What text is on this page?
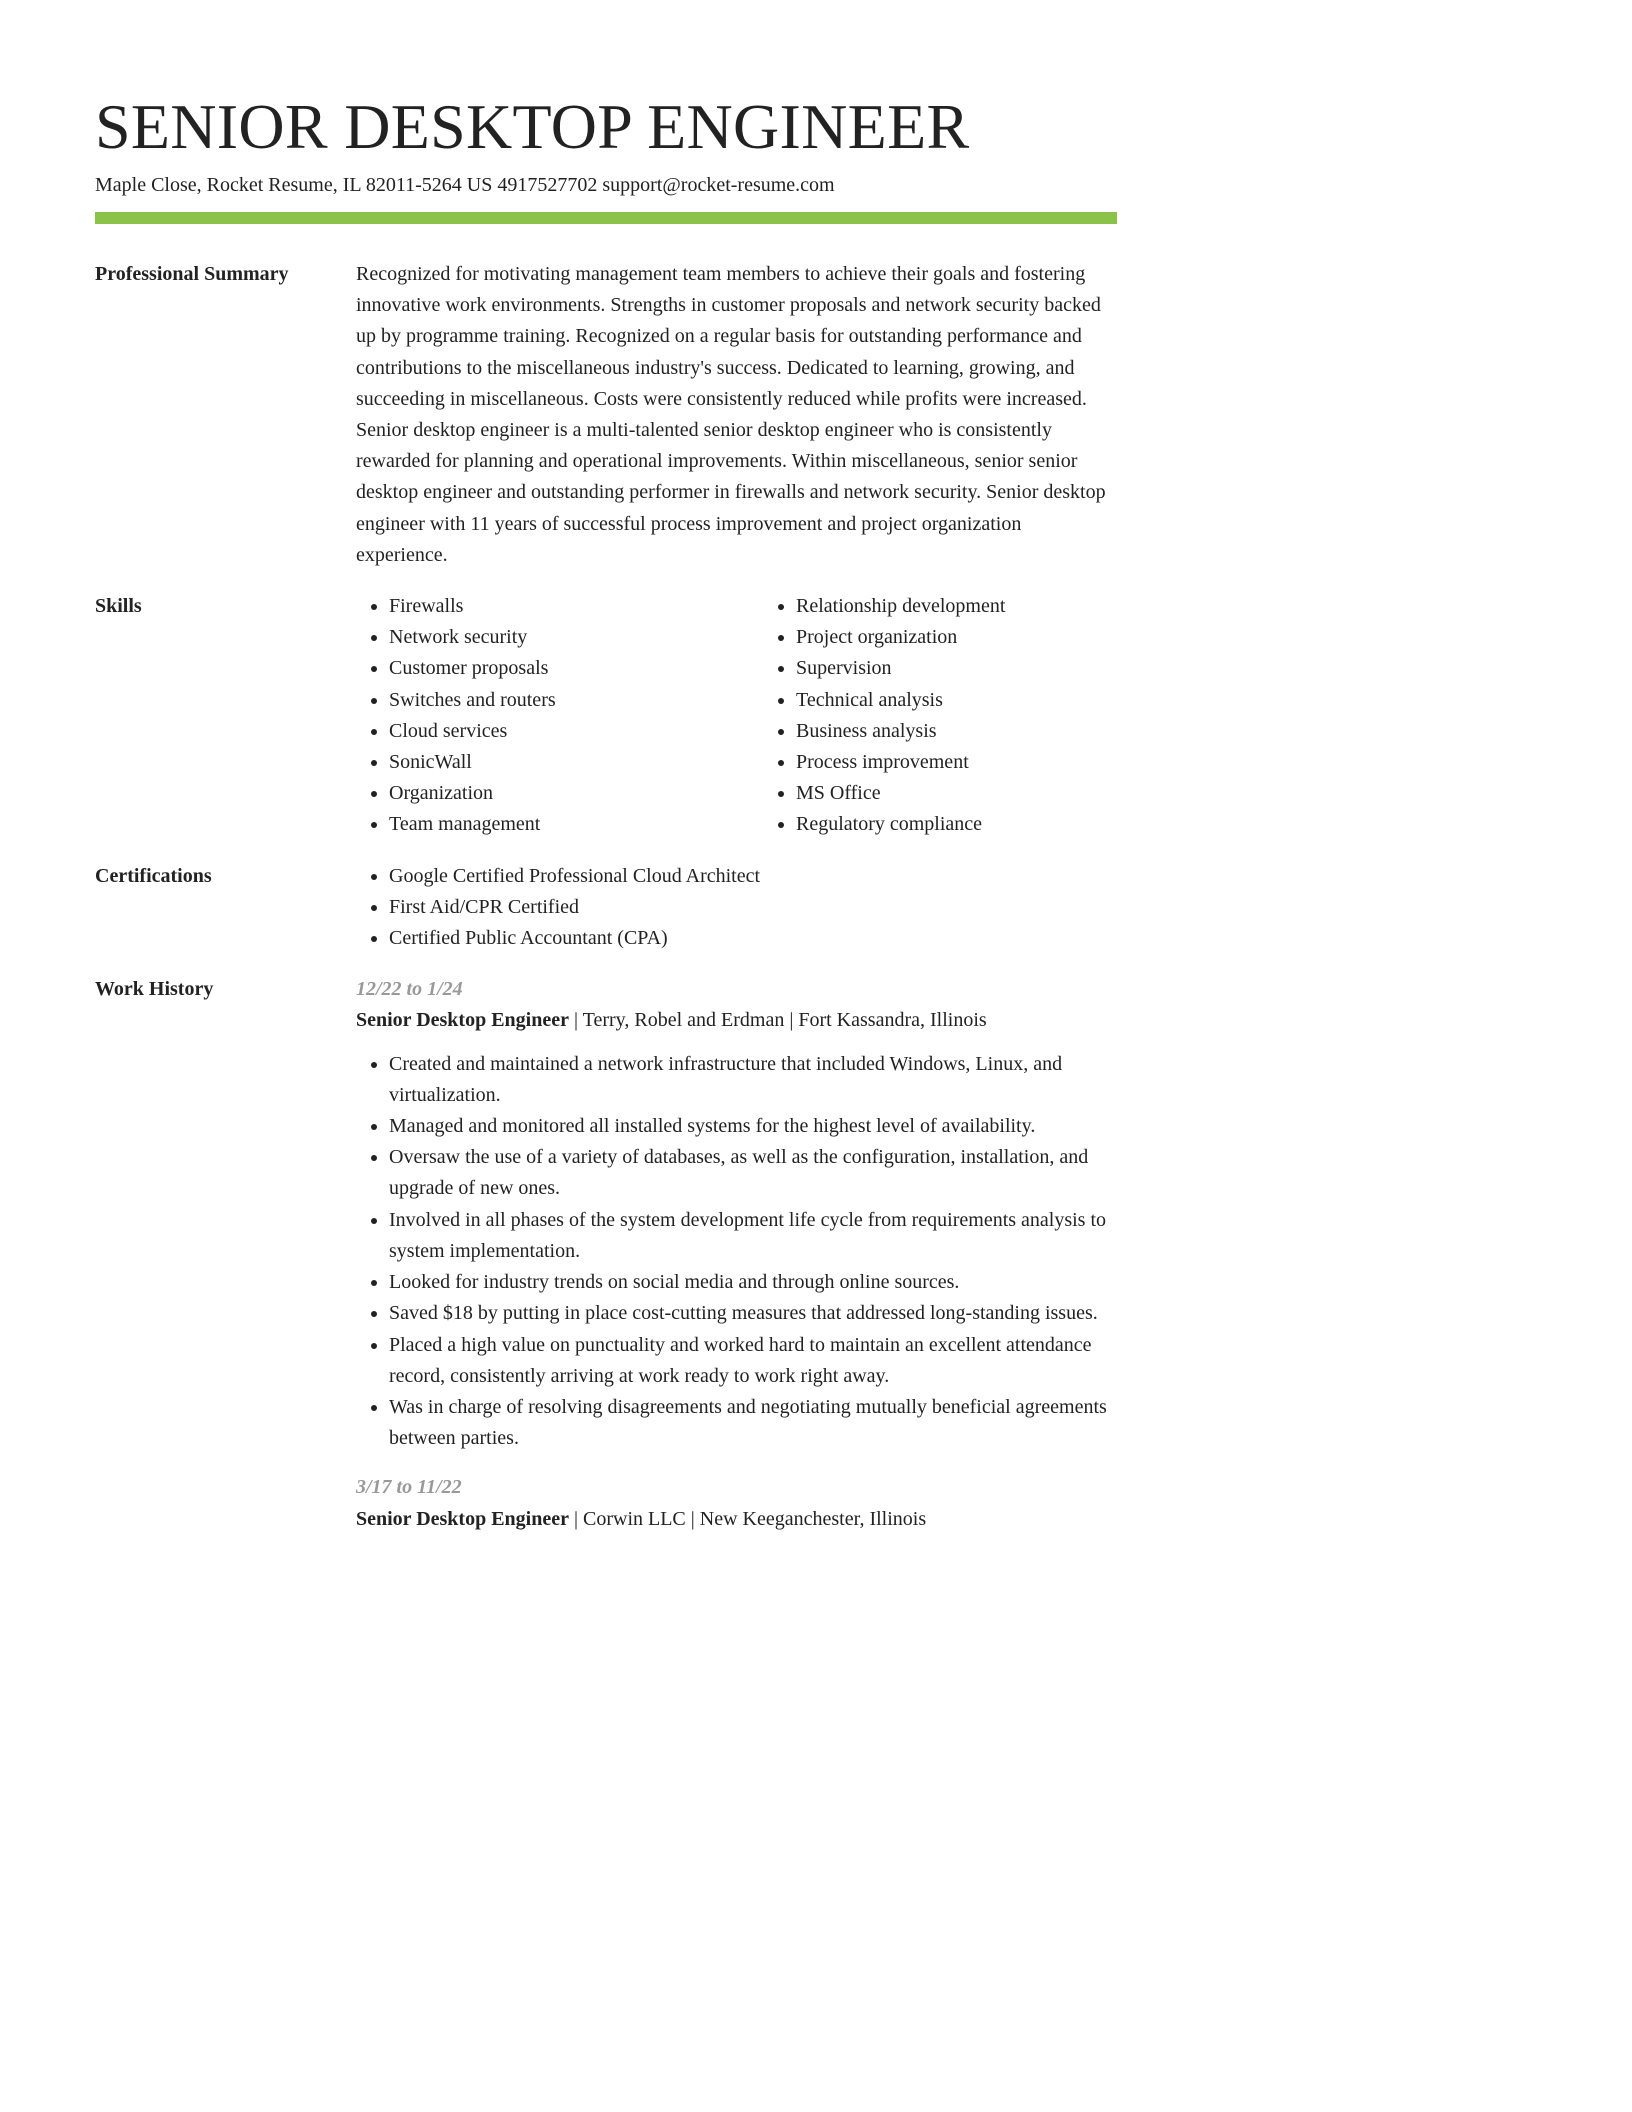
SENIOR DESKTOP ENGINEER
Maple Close, Rocket Resume, IL 82011-5264 US 4917527702 support@rocket-resume.com
Professional Summary	Recognized for motivating management team members to achieve their goals and fostering innovative work environments. Strengths in customer proposals and network security backed up by programme training. Recognized on a regular basis for outstanding performance and contributions to the miscellaneous industry's success. Dedicated to learning, growing, and succeeding in miscellaneous. Costs were consistently reduced while profits were increased. Senior desktop engineer is a multi-talented senior desktop engineer who is consistently rewarded for planning and operational improvements. Within miscellaneous, senior senior desktop engineer and outstanding performer in firewalls and network security. Senior desktop engineer with 11 years of successful process improvement and project organization experience.

Skills	• Firewalls
• Network security
• Customer proposals
• Switches and routers
• Cloud services
• SonicWall
• Organization
• Team management
• Relationship development
• Project organization
• Supervision
• Technical analysis
• Business analysis
• Process improvement
• MS Office
• Regulatory compliance
Certifications	• Google Certified Professional Cloud Architect
• First Aid/CPR Certified
• Certified Public Accountant (CPA)
Work History	12/22 to 1/24
Senior Desktop Engineer | Terry, Robel and Erdman | Fort Kassandra, Illinois
• Created and maintained a network infrastructure that included Windows, Linux, and virtualization.
• Managed and monitored all installed systems for the highest level of availability.
• Oversaw the use of a variety of databases, as well as the configuration, installation, and upgrade of new ones.
• Involved in all phases of the system development life cycle from requirements analysis to system implementation.
• Looked for industry trends on social media and through online sources.
• Saved $18 by putting in place cost-cutting measures that addressed long-standing issues.
• Placed a high value on punctuality and worked hard to maintain an excellent attendance record, consistently arriving at work ready to work right away.
• Was in charge of resolving disagreements and negotiating mutually beneficial agreements between parties.
3/17 to 11/22
Senior Desktop Engineer | Corwin LLC | New Keeganchester, Illinois
